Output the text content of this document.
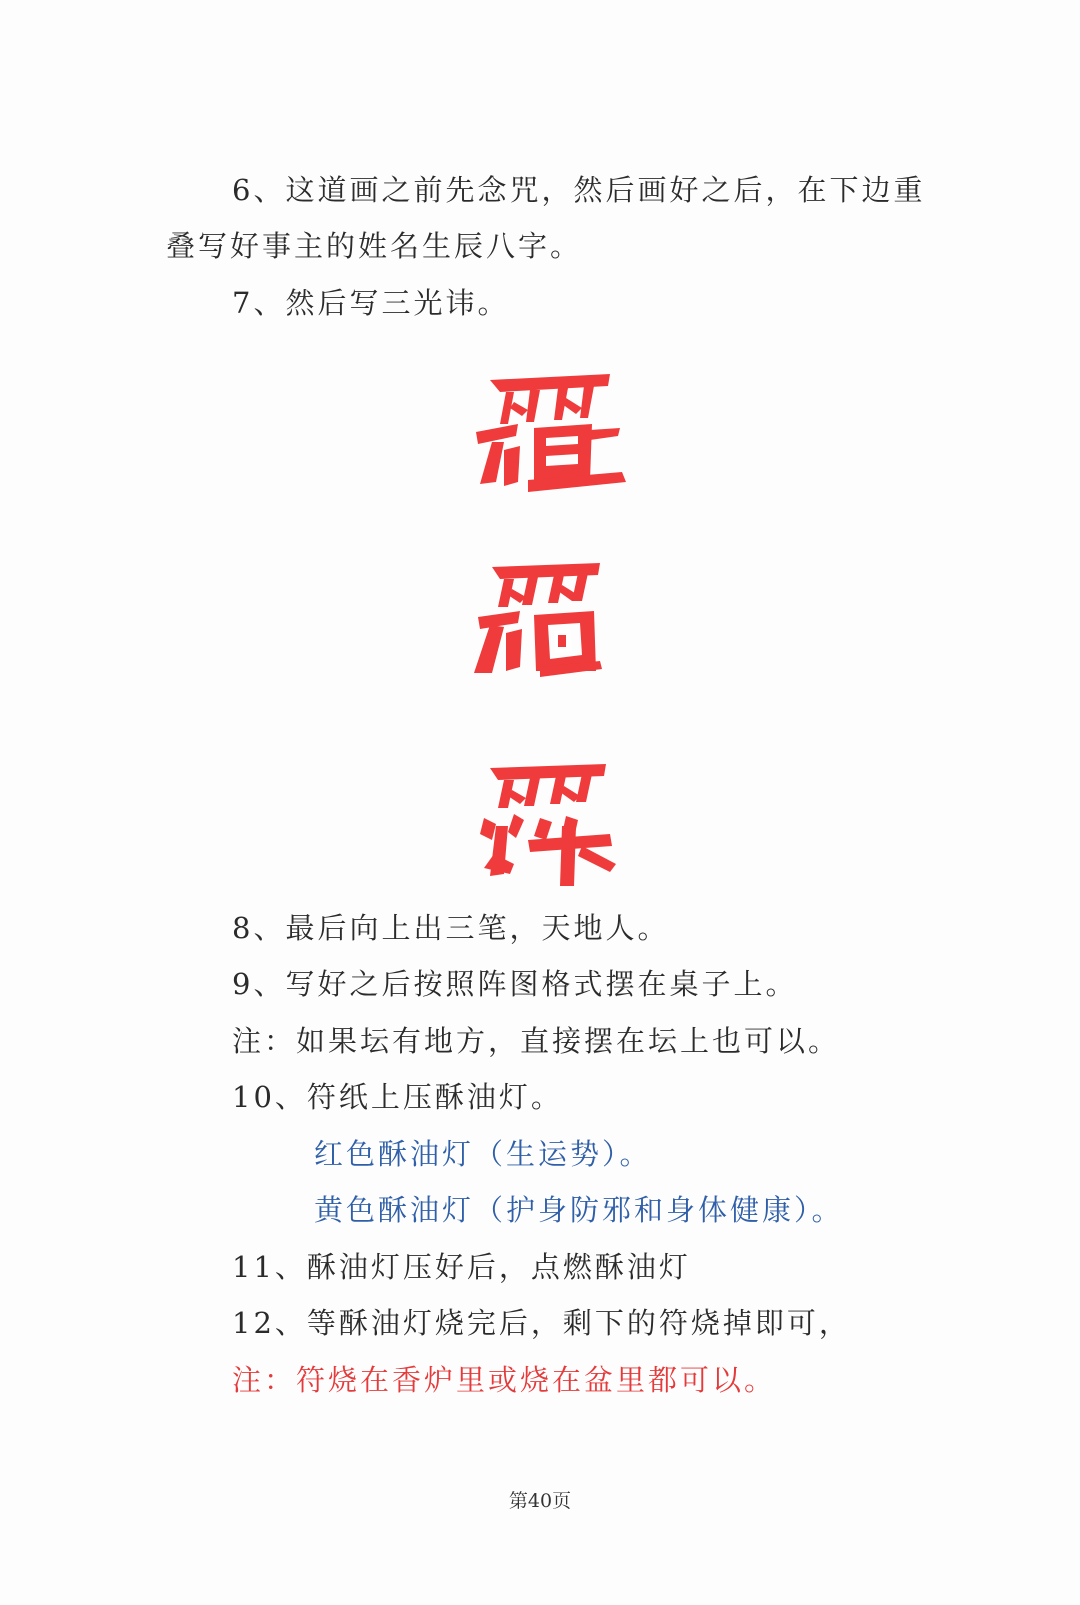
6、这道画之前先念咒，然后画好之后，在下边重
叠写好事主的姓名生辰八字。
7、然后写三光讳。
8、最后向上出三笔，天地人。
9、写好之后按照阵图格式摆在桌子上。
注：如果坛有地方，直接摆在坛上也可以。
10、符纸上压酥油灯。
红色酥油灯（生运势）。
黄色酥油灯（护身防邪和身体健康）。
11、酥油灯压好后，点燃酥油灯
12、等酥油灯烧完后，剩下的符烧掉即可，
注：符烧在香炉里或烧在盆里都可以。
第40页
